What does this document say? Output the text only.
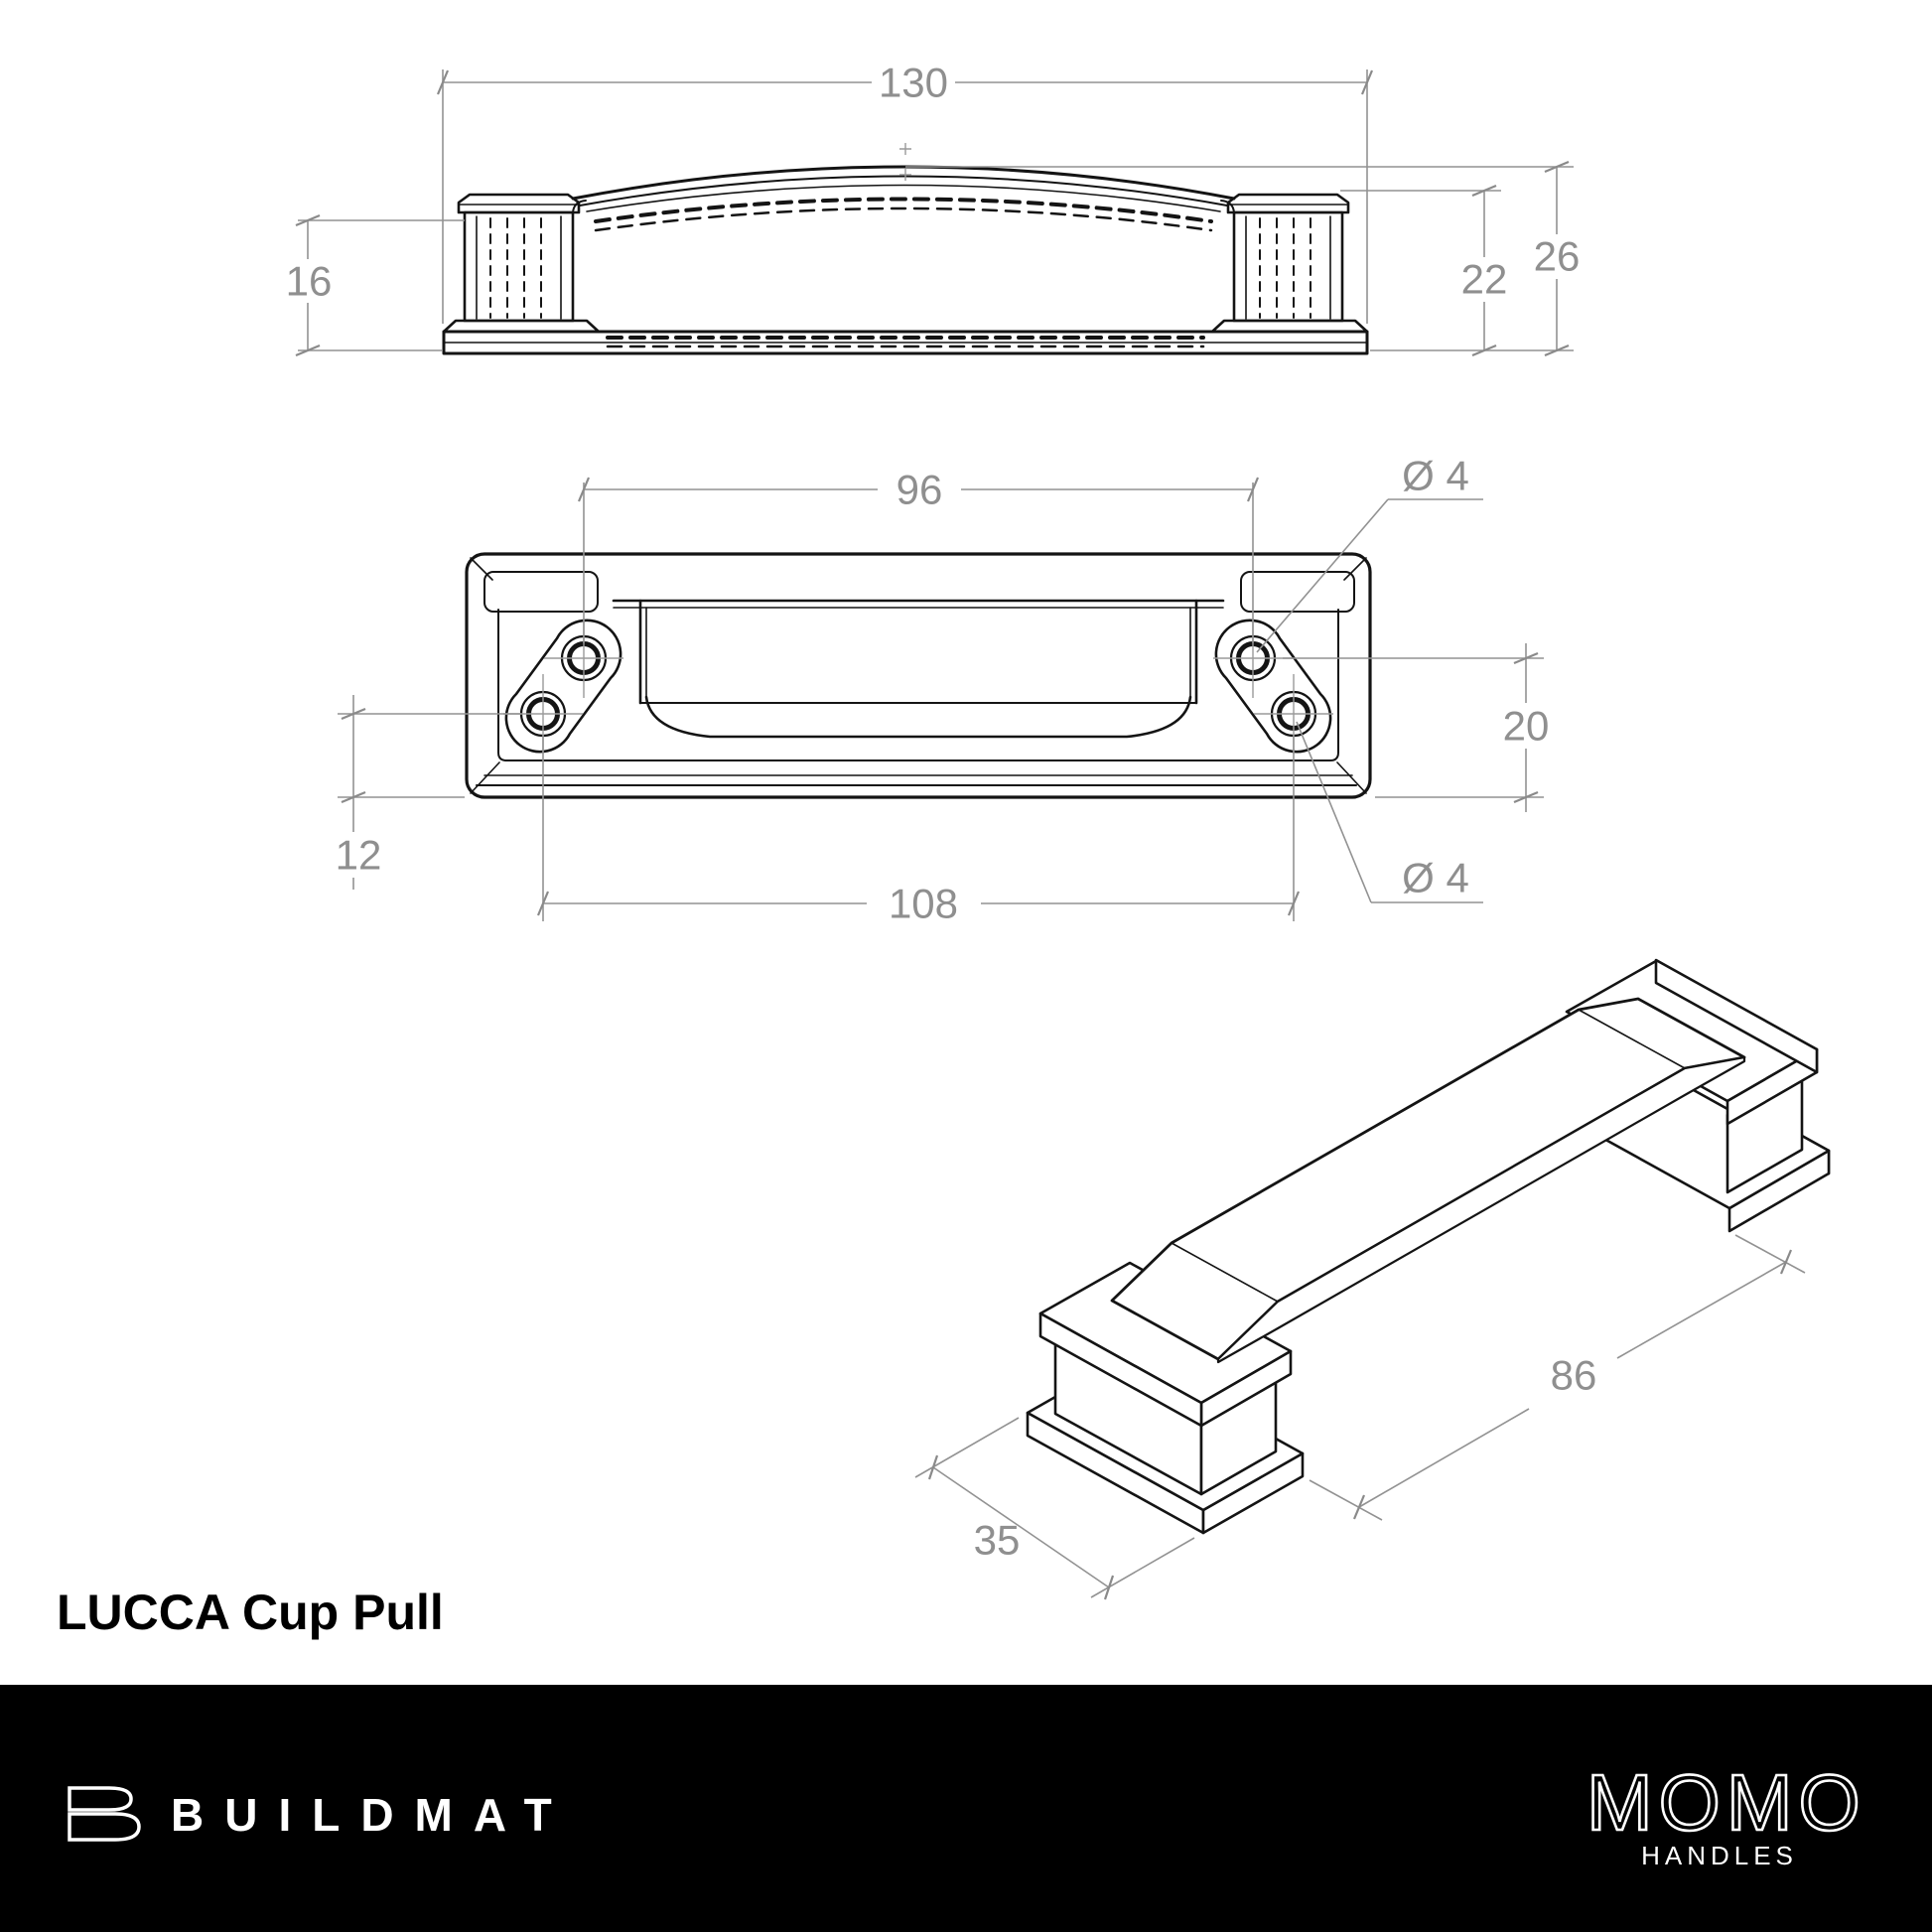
130
16	22 26
96	Ø 4
12
20
108
Ø 4
35
86
LUCCA Cup Pull
BUILDMAT	MOMO
HANDLES
